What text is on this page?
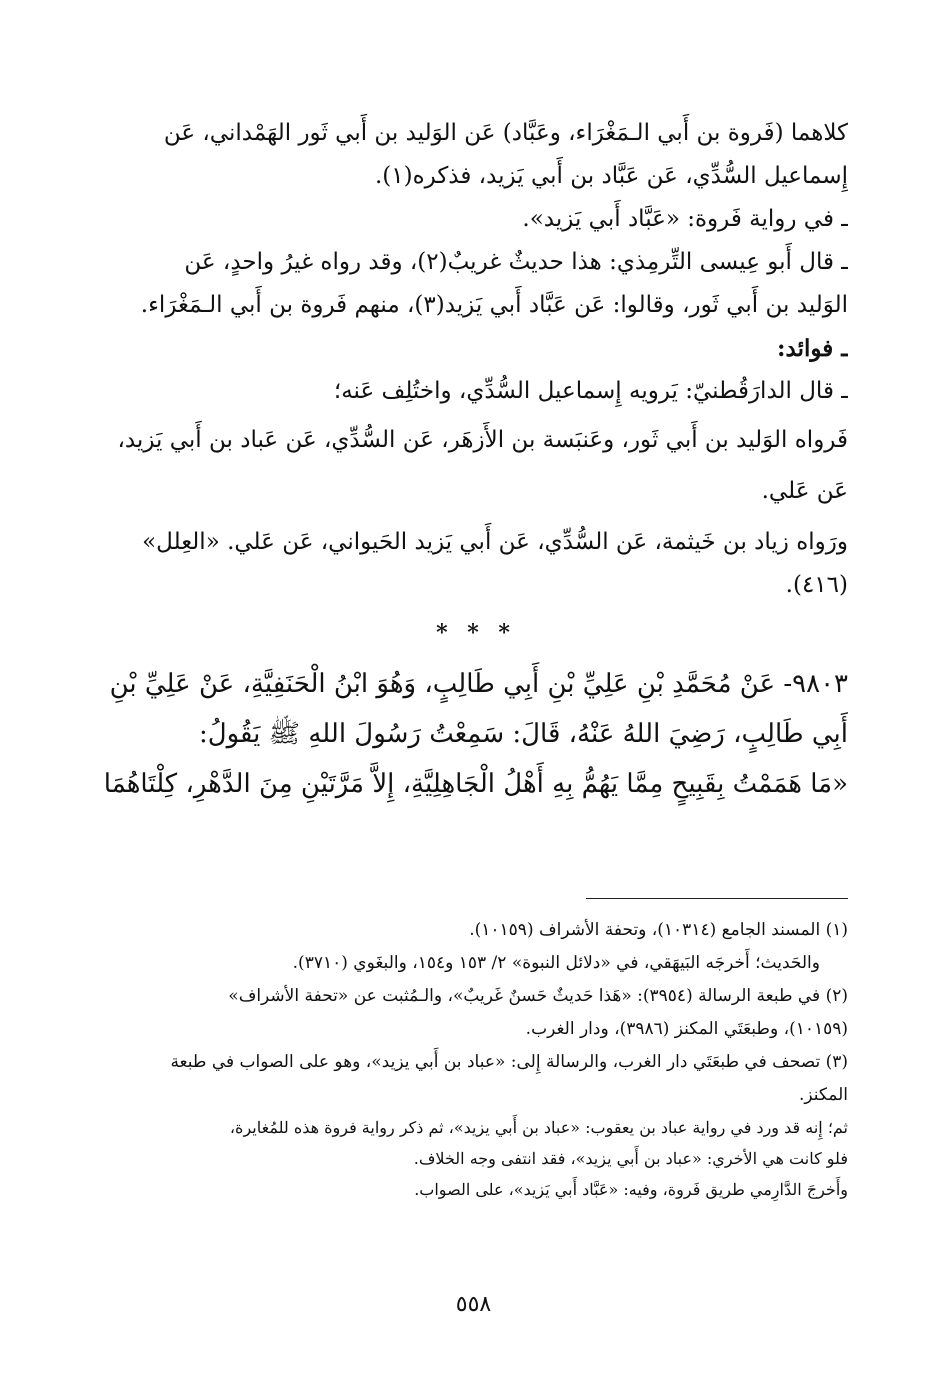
كلاهما (فَروة بن أَبي الـمَغْرَاء، وعَبَّاد) عَن الوَليد بن أَبي ثَور الهَمْداني، عَن

إِسماعيل السُّدِّي، عَن عَبَّاد بن أَبي يَزيد، فذكره(١).

ـ في رواية فَروة: «عَبَّاد أَبي يَزيد».

ـ قال أَبو عِيسى التِّرمِذي: هذا حديثٌ غريبٌ(٢)، وقد رواه غيرُ واحدٍ، عَن

الوَليد بن أَبي ثَور، وقالوا: عَن عَبَّاد أَبي يَزيد(٣)، منهم فَروة بن أَبي الـمَغْرَاء.

ـ فوائد:

ـ قال الدارَقُطنيّ: يَرويه إِسماعيل السُّدِّي، واختُلِف عَنه؛

فَرواه الوَليد بن أَبي ثَور، وعَنبَسة بن الأَزهَر، عَن السُّدِّي، عَن عَباد بن أَبي يَزيد،

عَن عَلي.

ورَواه زياد بن خَيثمة، عَن السُّدِّي، عَن أَبي يَزيد الحَيواني، عَن عَلي. «العِلل»

(٤١٦).

* * *

٩٨٠٣- عَنْ مُحَمَّدِ بْنِ عَلِيِّ بْنِ أَبِي طَالِبٍ، وَهُوَ ابْنُ الْحَنَفِيَّةِ، عَنْ عَلِيِّ بْنِ

أَبِي طَالِبٍ، رَضِيَ اللهُ عَنْهُ، قَالَ: سَمِعْتُ رَسُولَ اللهِ ﷺ يَقُولُ:

«مَا هَمَمْتُ بِقَبِيحٍ مِمَّا يَهُمُّ بِهِ أَهْلُ الْجَاهِلِيَّةِ، إِلاَّ مَرَّتَيْنِ مِنَ الدَّهْرِ، كِلْتَاهُمَا

(١) المسند الجامع (١٠٣١٤)، وتحفة الأشراف (١٠١٥٩).

والحَديث؛ أَخرجَه البَيهَقي، في «دلائل النبوة» ٢/ ١٥٣ و١٥٤، والبغَوي (٣٧١٠).

(٢) في طبعة الرسالة (٣٩٥٤): «هَذا حَديثٌ حَسنٌ غَريبٌ»، والـمُثبت عن «تحفة الأشراف»

(١٠١٥٩)، وطبعَتَي المكنز (٣٩٨٦)، ودار الغرب.

(٣) تصحف في طبعَتَي دار الغرب، والرسالة إِلى: «عباد بن أَبي يزيد»، وهو على الصواب في طبعة

المكنز.

ثم؛ إِنه قد ورد في رواية عباد بن يعقوب: «عباد بن أَبي يزيد»، ثم ذكر رواية فروة هذه للمُغايرة،

فلو كانت هي الأخري: «عباد بن أَبي يزيد»، فقد انتفى وجه الخلاف.

وأَخرجَ الدَّارِمي طريق فَروة، وفيه: «عَبَّاد أَبي يَزيد»، على الصواب.

٥٥٨
